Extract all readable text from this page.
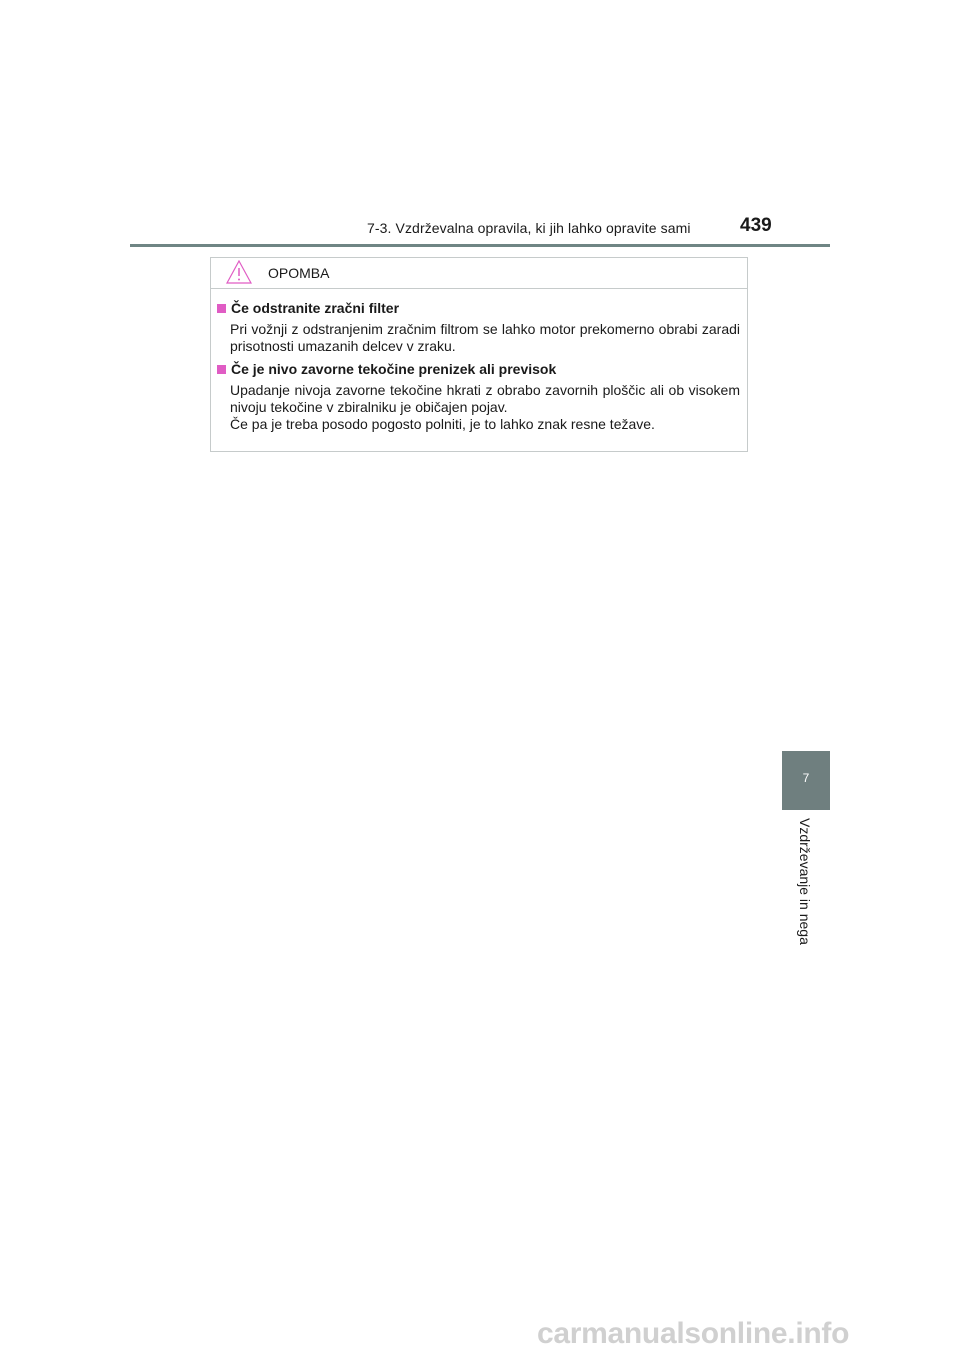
7-3. Vzdrževalna opravila, ki jih lahko opravite sami	439
OPOMBA
Če odstranite zračni filter

Pri vožnji z odstranjenim zračnim filtrom se lahko motor prekomerno obrabi zaradi prisotnosti umazanih delcev v zraku.

Če je nivo zavorne tekočine prenizek ali previsok

Upadanje nivoja zavorne tekočine hkrati z obrabo zavornih ploščic ali ob visokem nivoju tekočine v zbiralniku je običajen pojav.

Če pa je treba posodo pogosto polniti, je to lahko znak resne težave.

7
Vzdrževanje in nega
carmanualsonline.info
